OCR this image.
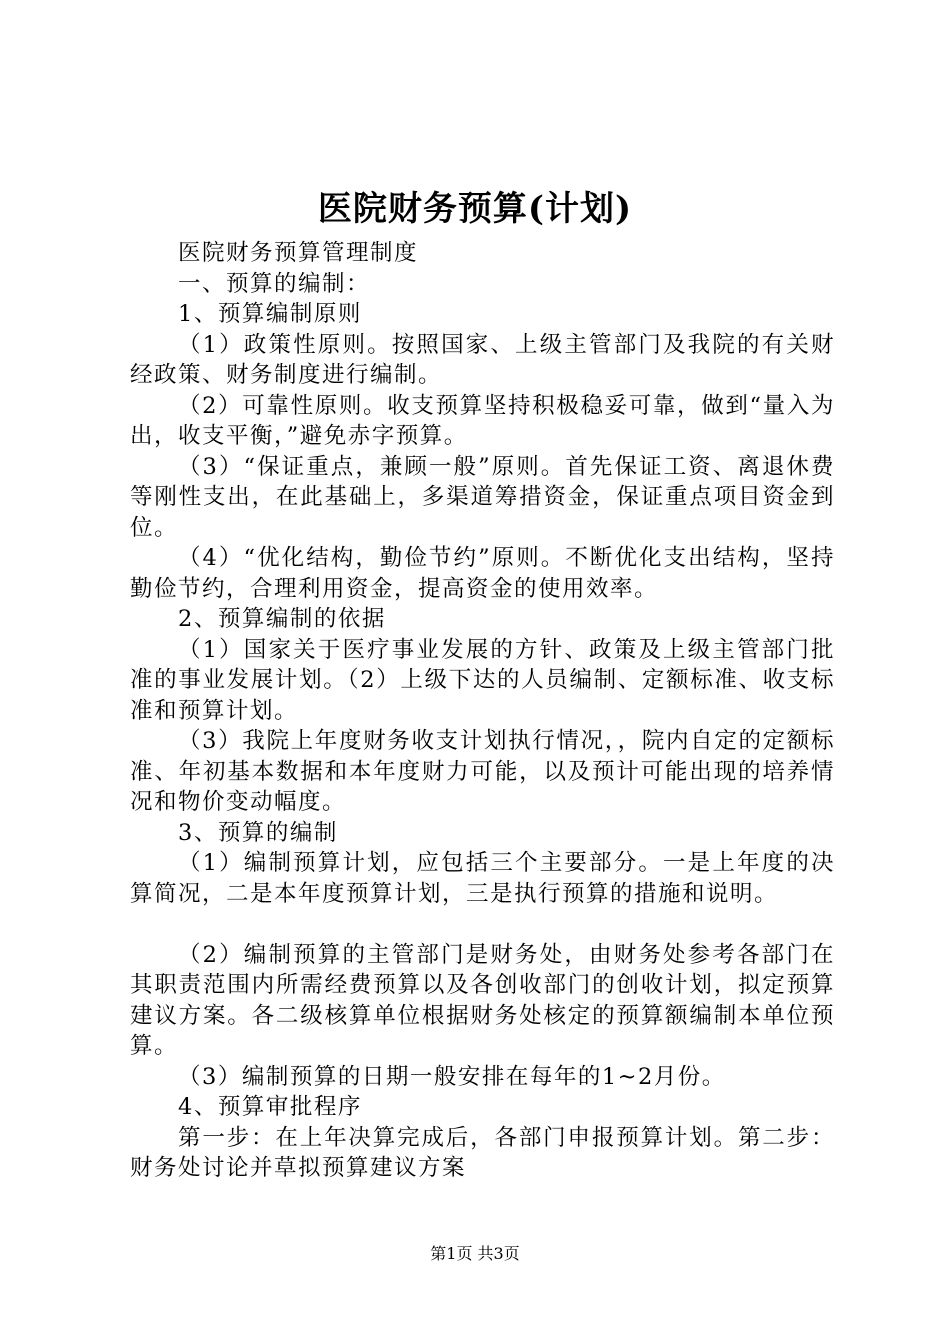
医院财务预算(计划)

医院财务预算管理制度

一、预算的编制：

1、预算编制原则

（1）政策性原则。按照国家、上级主管部门及我院的有关财经政策、财务制度进行编制。

（2）可靠性原则。收支预算坚持积极稳妥可靠，做到“量入为出，收支平衡，”避免赤字预算。

（3）“保证重点，兼顾一般”原则。首先保证工资、离退休费等刚性支出，在此基础上，多渠道筹措资金，保证重点项目资金到位。

（4）“优化结构，勤俭节约”原则。不断优化支出结构，坚持勤俭节约，合理利用资金，提高资金的使用效率。

2、预算编制的依据

（1）国家关于医疗事业发展的方针、政策及上级主管部门批准的事业发展计划。（2）上级下达的人员编制、定额标准、收支标准和预算计划。

（3）我院上年度财务收支计划执行情况，，院内自定的定额标准、年初基本数据和本年度财力可能，以及预计可能出现的培养情况和物价变动幅度。

3、预算的编制

（1）编制预算计划，应包括三个主要部分。一是上年度的决算简况，二是本年度预算计划，三是执行预算的措施和说明。

（2）编制预算的主管部门是财务处，由财务处参考各部门在其职责范围内所需经费预算以及各创收部门的创收计划，拟定预算建议方案。各二级核算单位根据财务处核定的预算额编制本单位预算。

（3）编制预算的日期一般安排在每年的1~2月份。

4、预算审批程序

第一步：在上年决算完成后，各部门申报预算计划。第二步：财务处讨论并草拟预算建议方案

第1页 共3页
